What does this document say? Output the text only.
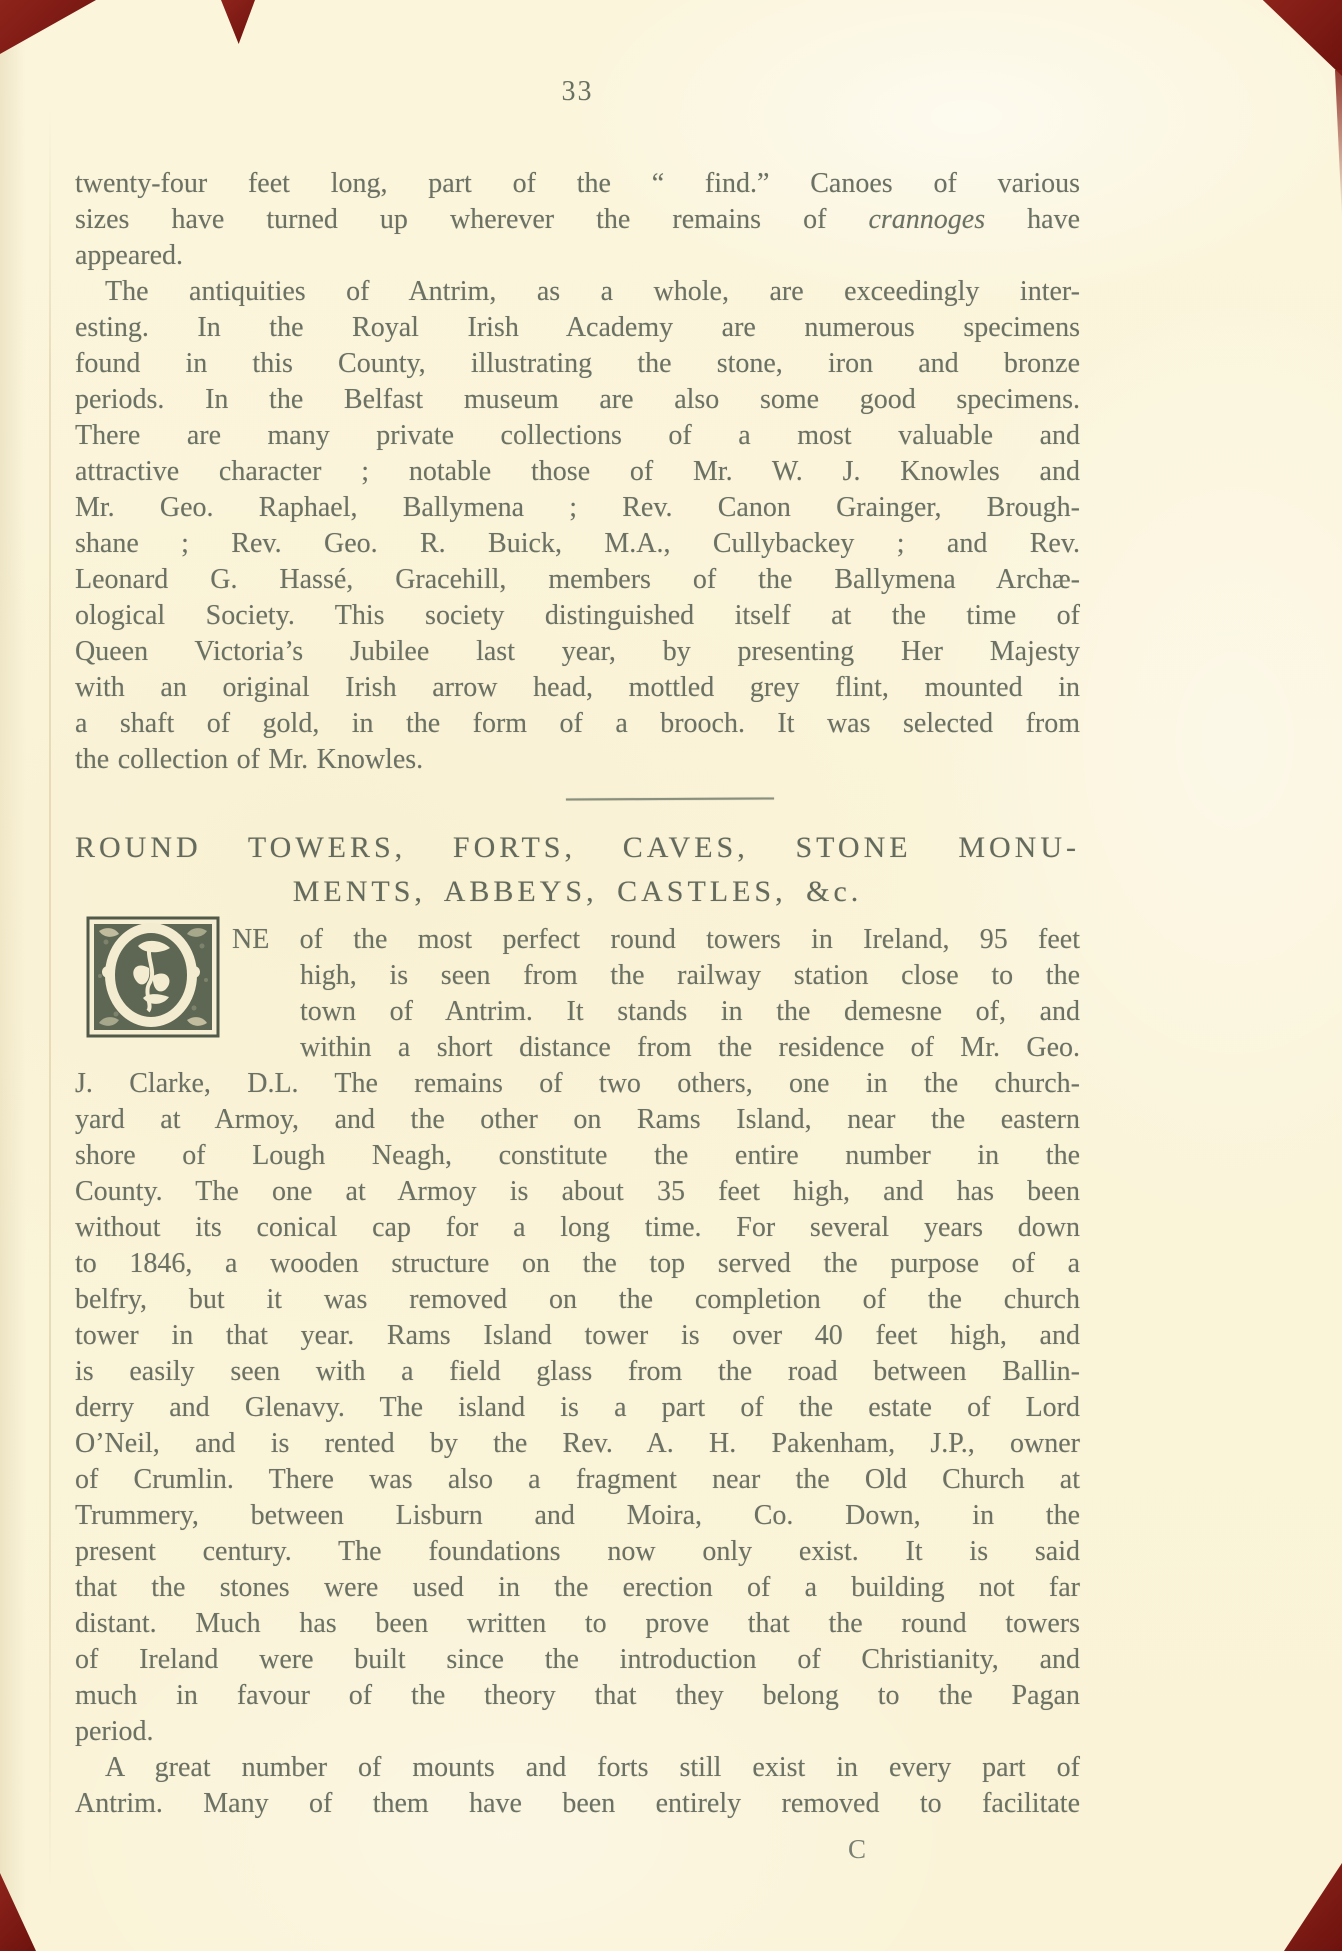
33
twenty-four feet long, part of the “ find.” Canoes of various
sizes have turned up wherever the remains of crannoges have
appeared.
The antiquities of Antrim, as a whole, are exceedingly inter-
esting. In the Royal Irish Academy are numerous specimens
found in this County, illustrating the stone, iron and bronze
periods. In the Belfast museum are also some good specimens.
There are many private collections of a most valuable and
attractive character ; notable those of Mr. W. J. Knowles and
Mr. Geo. Raphael, Ballymena ; Rev. Canon Grainger, Brough-
shane ; Rev. Geo. R. Buick, M.A., Cullybackey ; and Rev.
Leonard G. Hassé, Gracehill, members of the Ballymena Archæ-
ological Society. This society distinguished itself at the time of
Queen Victoria’s Jubilee last year, by presenting Her Majesty
with an original Irish arrow head, mottled grey flint, mounted in
a shaft of gold, in the form of a brooch. It was selected from
the collection of Mr. Knowles.
ROUND TOWERS, FORTS, CAVES, STONE MONU-
MENTS, ABBEYS, CASTLES, &c.
NE of the most perfect round towers in Ireland, 95 feet
high, is seen from the railway station close to the
town of Antrim. It stands in the demesne of, and
within a short distance from the residence of Mr. Geo.
J. Clarke, D.L. The remains of two others, one in the church-
yard at Armoy, and the other on Rams Island, near the eastern
shore of Lough Neagh, constitute the entire number in the
County. The one at Armoy is about 35 feet high, and has been
without its conical cap for a long time. For several years down
to 1846, a wooden structure on the top served the purpose of a
belfry, but it was removed on the completion of the church
tower in that year. Rams Island tower is over 40 feet high, and
is easily seen with a field glass from the road between Ballin-
derry and Glenavy. The island is a part of the estate of Lord
O’Neil, and is rented by the Rev. A. H. Pakenham, J.P., owner
of Crumlin. There was also a fragment near the Old Church at
Trummery, between Lisburn and Moira, Co. Down, in the
present century. The foundations now only exist. It is said
that the stones were used in the erection of a building not far
distant. Much has been written to prove that the round towers
of Ireland were built since the introduction of Christianity, and
much in favour of the theory that they belong to the Pagan
period.
A great number of mounts and forts still exist in every part of
Antrim. Many of them have been entirely removed to facilitate
C
